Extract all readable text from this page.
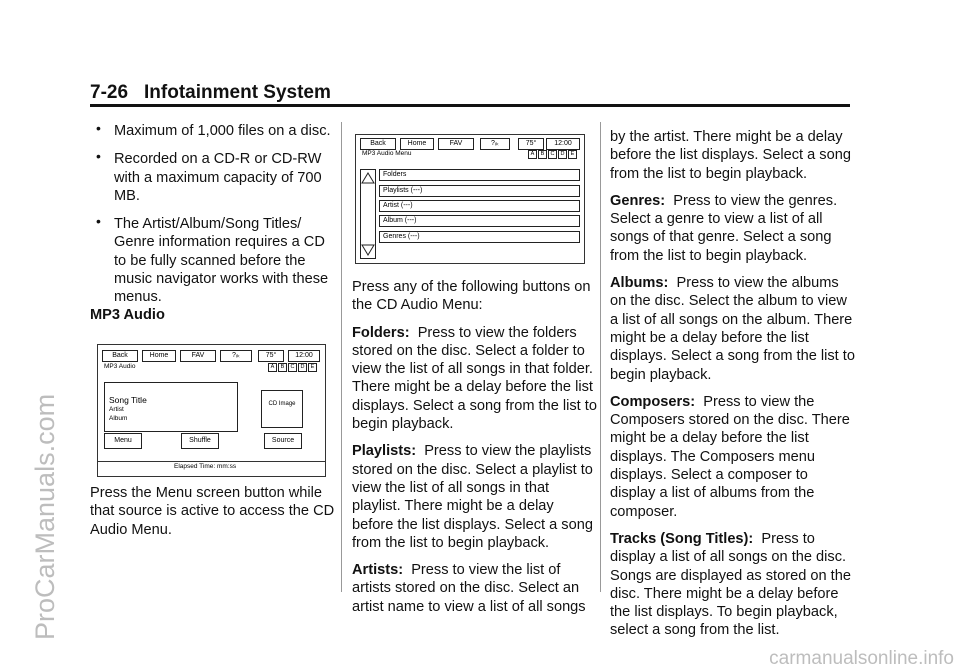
7-26 Infotainment System
ProCarManuals.com
carmanualsonline.info
• Maximum of 1,000 files on a disc.
• Recorded on a CD-R or CD-RW with a maximum capacity of 700 MB.
• The Artist/Album/Song Titles/ Genre information requires a CD to be fully scanned before the music navigator works with these menus.
MP3 Audio
Back	Home	FAV	?ᵢₖ	75°	12:00
MP3 Audio	A	B	C	D	E
Song Title
Artist
Album
CD Image
Menu	Shuffle	Source
Elapsed Time: mm:ss
Press the Menu screen button while that source is active to access the CD Audio Menu.
Back	Home	FAV	?ᵢₖ	75°	12:00
MP3 Audio Menu	A	B	C	D	E
Folders
Playlists (---)
Artist (---)
Album (---)
Genres (---)

Press any of the following buttons on the CD Audio Menu:

Folders: Press to view the folders stored on the disc. Select a folder to view the list of all songs in that folder. There might be a delay before the list displays. Select a song from the list to begin playback.

Playlists: Press to view the playlists stored on the disc. Select a playlist to view the list of all songs in that playlist. There might be a delay before the list displays. Select a song from the list to begin playback.

Artists: Press to view the list of artists stored on the disc. Select an artist name to view a list of all songs

by the artist. There might be a delay before the list displays. Select a song from the list to begin playback.

Genres: Press to view the genres. Select a genre to view a list of all songs of that genre. Select a song from the list to begin playback.

Albums: Press to view the albums on the disc. Select the album to view a list of all songs on the album. There might be a delay before the list displays. Select a song from the list to begin playback.

Composers: Press to view the Composers stored on the disc. There might be a delay before the list displays. The Composers menu displays. Select a composer to display a list of albums from the composer.

Tracks (Song Titles): Press to display a list of all songs on the disc. Songs are displayed as stored on the disc. There might be a delay before the list displays. To begin playback, select a song from the list.
